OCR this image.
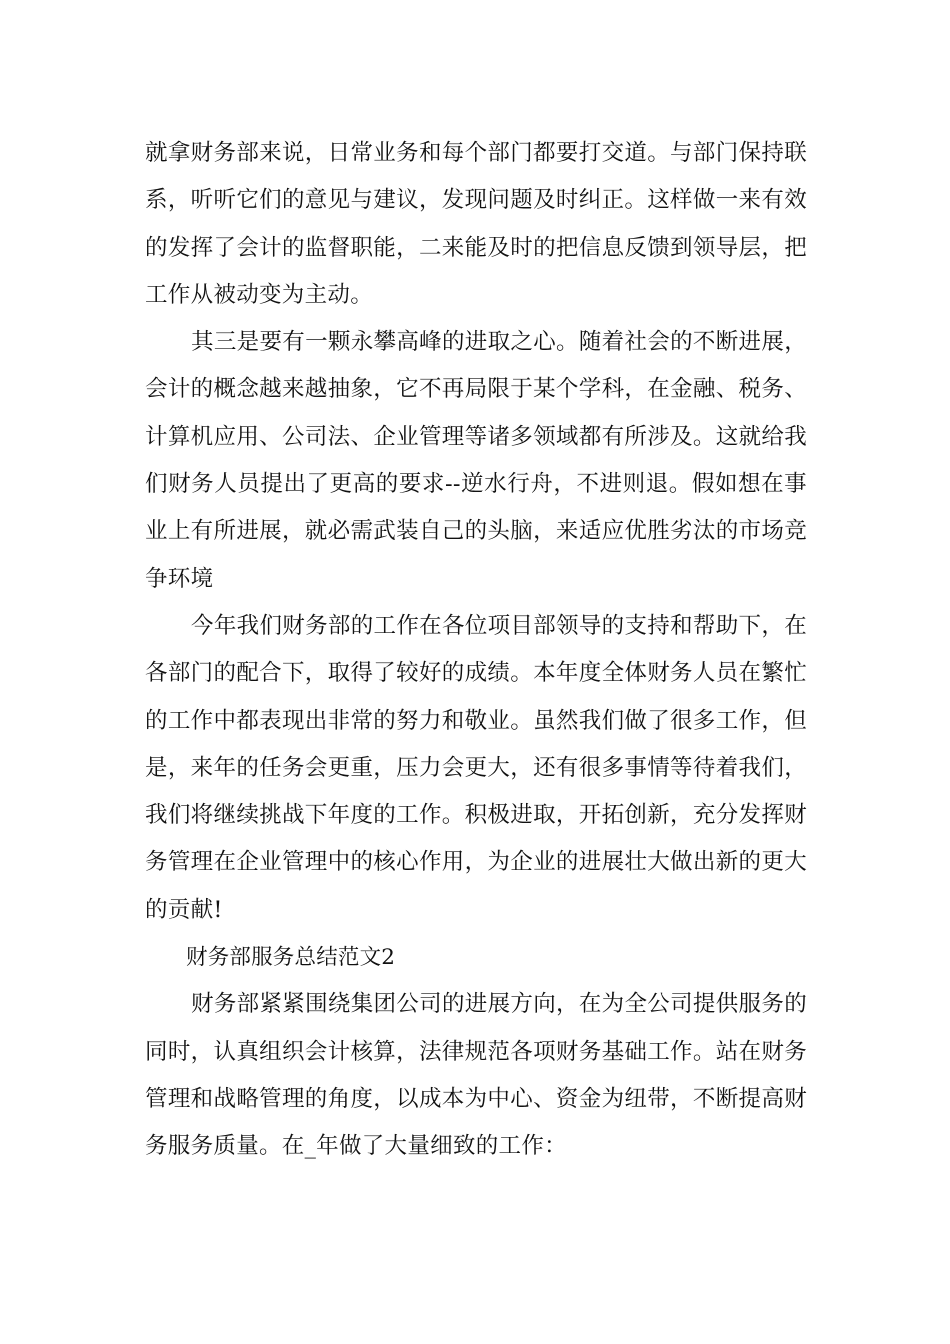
就拿财务部来说，日常业务和每个部门都要打交道。与部门保持联
系，听听它们的意见与建议，发现问题及时纠正。这样做一来有效
的发挥了会计的监督职能，二来能及时的把信息反馈到领导层，把
工作从被动变为主动。

其三是要有一颗永攀高峰的进取之心。随着社会的不断进展，
会计的概念越来越抽象，它不再局限于某个学科，在金融、税务、
计算机应用、公司法、企业管理等诸多领域都有所涉及。这就给我
们财务人员提出了更高的要求--逆水行舟，不进则退。假如想在事
业上有所进展，就必需武装自己的头脑，来适应优胜劣汰的市场竞
争环境

今年我们财务部的工作在各位项目部领导的支持和帮助下，在
各部门的配合下，取得了较好的成绩。本年度全体财务人员在繁忙
的工作中都表现出非常的努力和敬业。虽然我们做了很多工作，但
是，来年的任务会更重，压力会更大，还有很多事情等待着我们，
我们将继续挑战下年度的工作。积极进取，开拓创新，充分发挥财
务管理在企业管理中的核心作用，为企业的进展壮大做出新的更大
的贡献!

财务部服务总结范文2

财务部紧紧围绕集团公司的进展方向，在为全公司提供服务的
同时，认真组织会计核算，法律规范各项财务基础工作。站在财务
管理和战略管理的角度，以成本为中心、资金为纽带，不断提高财
务服务质量。在_年做了大量细致的工作：
